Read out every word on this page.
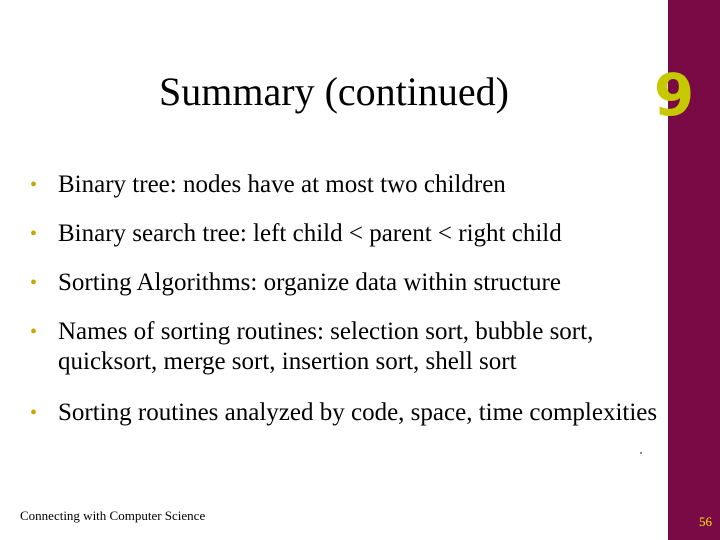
9
Summary (continued)
• Binary tree: nodes have at most two children
• Binary search tree: left child < parent < right child
• Sorting Algorithms: organize data within structure
• Names of sorting routines: selection sort, bubble sort, quicksort, merge sort, insertion sort, shell sort
• Sorting routines analyzed by code, space, time complexities
Connecting with Computer Science	56
